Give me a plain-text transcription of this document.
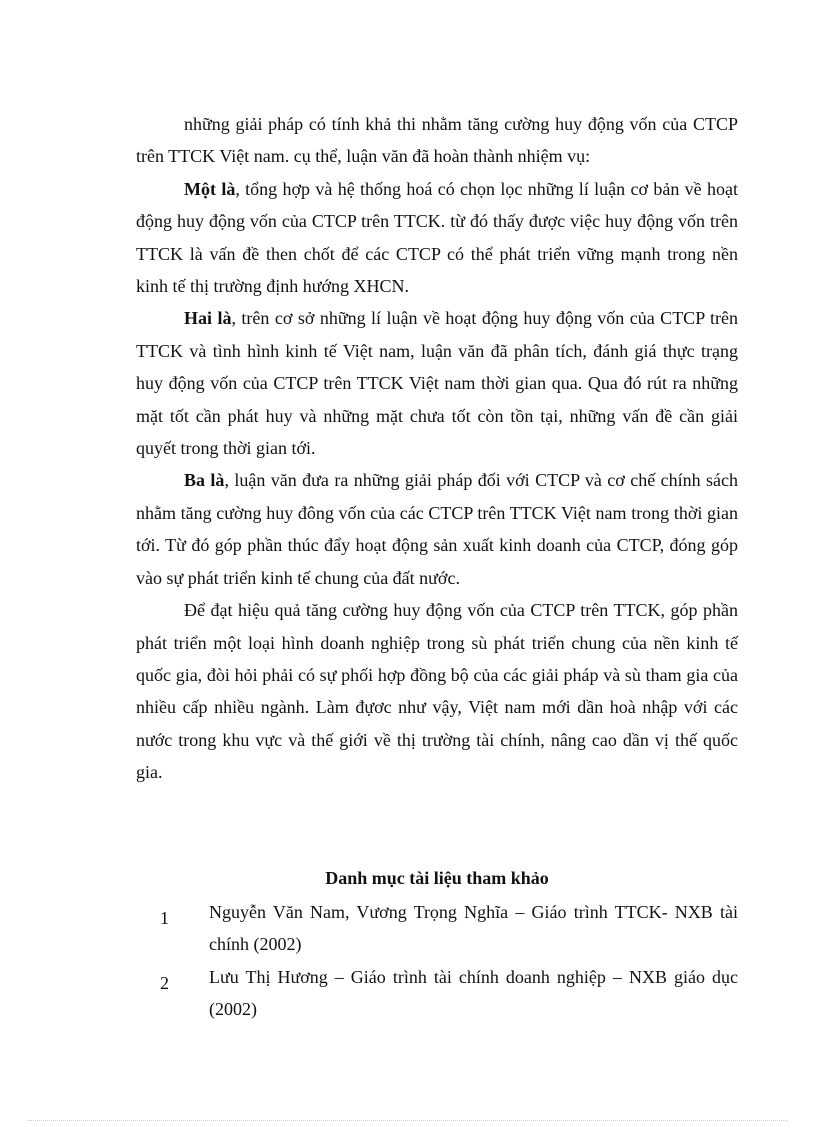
những giải pháp có tính khả thi nhằm tăng cường huy động vốn của CTCP trên TTCK Việt nam. cụ thể, luận văn đã hoàn thành nhiệm vụ:

Một là, tổng hợp và hệ thống hoá có chọn lọc những lí luận cơ bản về hoạt động huy động vốn của CTCP trên TTCK. từ đó thấy được việc huy động vốn trên TTCK là vấn đề then chốt để các CTCP có thể phát triển vững mạnh trong nền kinh tế thị trường định hướng XHCN.

Hai là, trên cơ sở những lí luận về hoạt động huy động vốn của CTCP trên TTCK và tình hình kinh tế Việt nam, luận văn đã phân tích, đánh giá thực trạng huy động vốn của CTCP trên TTCK Việt nam thời gian qua. Qua đó rút ra những mặt tốt cần phát huy và những mặt chưa tốt còn tồn tại, những vấn đề cần giải quyết trong thời gian tới.

Ba là, luận văn đưa ra những giải pháp đối với CTCP và cơ chế chính sách nhằm tăng cường huy đông vốn của các CTCP trên TTCK Việt nam trong thời gian tới. Từ đó góp phần thúc đẩy hoạt động sản xuất kinh doanh của CTCP, đóng góp vào sự phát triển kinh tế chung của đất nước.

Để đạt hiệu quả tăng cường huy động vốn của CTCP trên TTCK, góp phần phát triển một loại hình doanh nghiệp trong sù phát triển chung của nền kinh tế quốc gia, đòi hỏi phải có sự phối hợp đồng bộ của các giải pháp và sù tham gia của nhiều cấp nhiều ngành. Làm đựơc như vậy, Việt nam mới dần hoà nhập với các nước trong khu vực và thế giới về thị trường tài chính, nâng cao dần vị thế quốc gia.

Danh mục tài liệu tham khảo
1	Nguyễn Văn Nam, Vương Trọng Nghĩa – Giáo trình TTCK- NXB tài chính (2002)
2	Lưu Thị Hương – Giáo trình tài chính doanh nghiệp – NXB giáo dục (2002)
